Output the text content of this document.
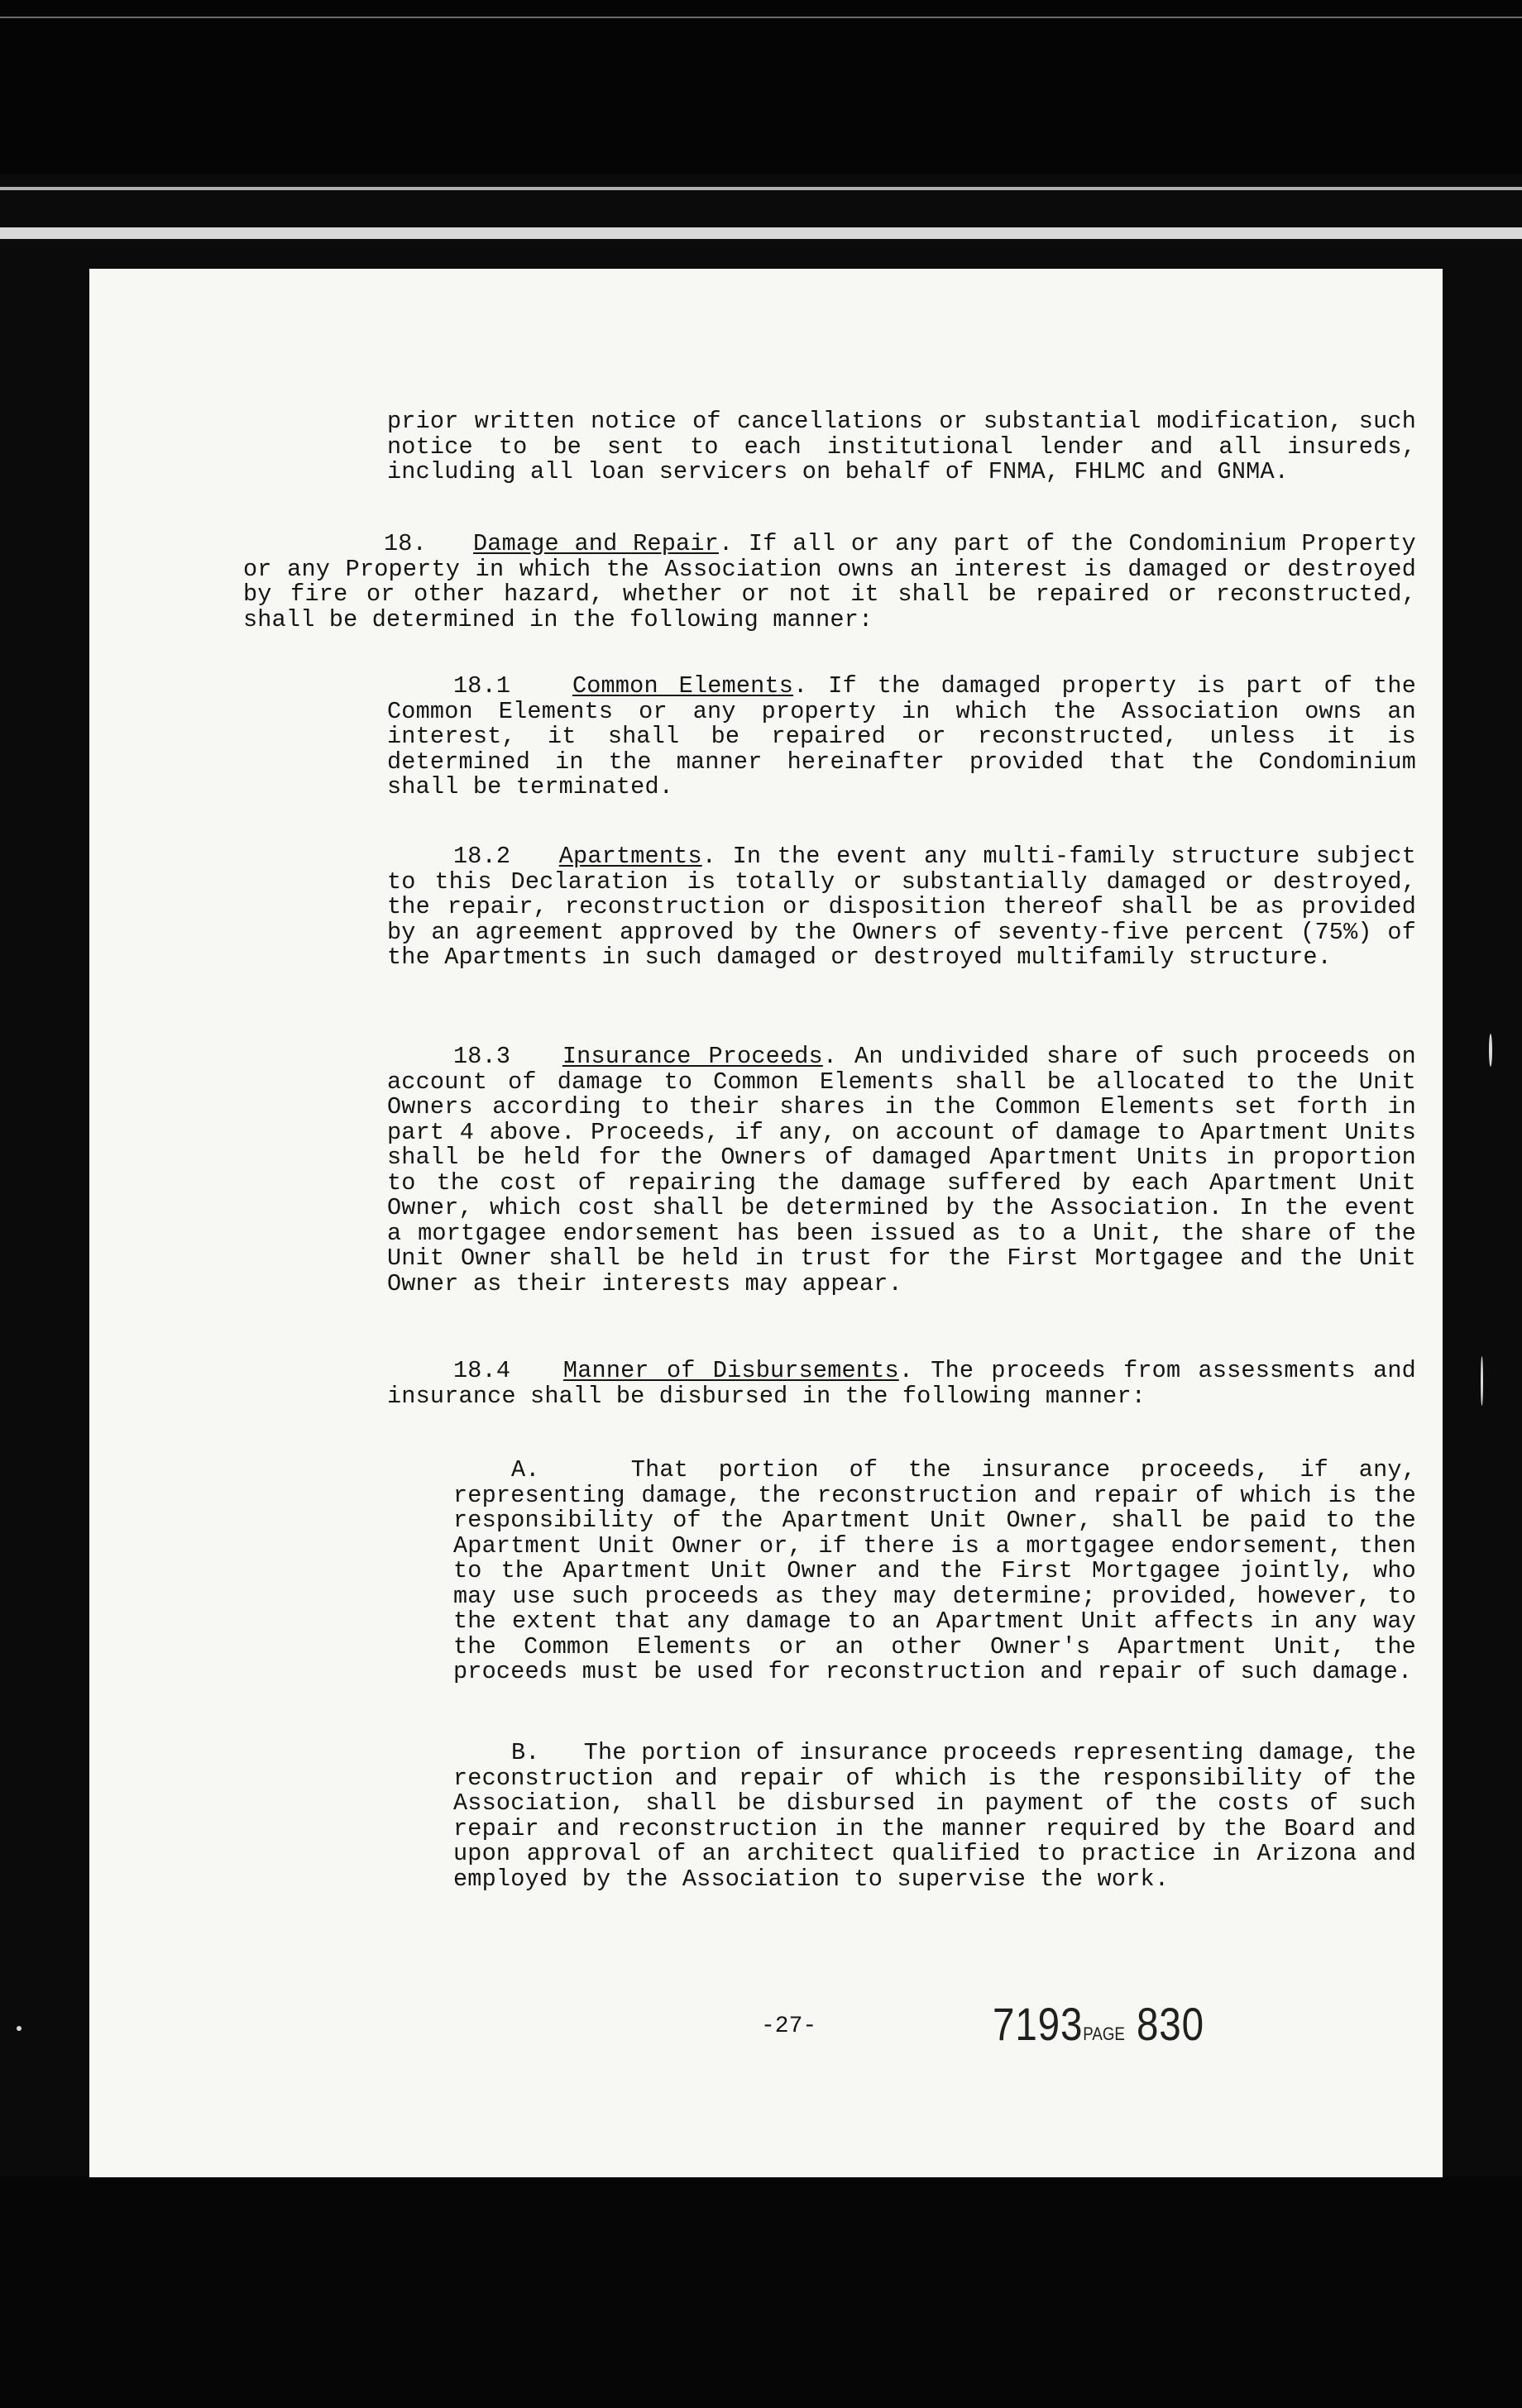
prior written notice of cancellations or substantial modification, such notice to be sent to each institutional lender and all insureds, including all loan servicers on behalf of FNMA, FHLMC and GNMA.

18. Damage and Repair. If all or any part of the Condominium Property or any Property in which the Association owns an interest is damaged or destroyed by fire or other hazard, whether or not it shall be repaired or reconstructed, shall be determined in the following manner:

18.1	Common Elements. If the damaged property is part of the Common Elements or any property in which the Association owns an interest, it shall be repaired or reconstructed, unless it is determined in the manner hereinafter provided that the Condominium shall be terminated.

18.2 Apartments. In the event any multi-family structure subject to this Declaration is totally or substantially damaged or destroyed, the repair, reconstruction or disposition thereof shall be as provided by an agreement approved by the Owners of seventy-five percent (75%) of the Apartments in such damaged or destroyed multifamily structure.

18.3 Insurance Proceeds. An undivided share of such proceeds on account of damage to Common Elements shall be allocated to the Unit Owners according to their shares in the Common Elements set forth in part 4 above. Proceeds, if any, on account of damage to Apartment Units shall be held for the Owners of damaged Apartment Units in proportion to the cost of repairing the damage suffered by each Apartment Unit Owner, which cost shall be determined by the Association. In the event a mortgagee endorsement has been issued as to a Unit, the share of the Unit Owner shall be held in trust for the First Mortgagee and the Unit Owner as their interests may appear.

18.4 Manner of Disbursements. The proceeds from assessments and insurance shall be disbursed in the following manner:

A.	That portion of the insurance proceeds, if any, representing damage, the reconstruction and repair of which is the responsibility of the Apartment Unit Owner, shall be paid to the Apartment Unit Owner or, if there is a mortgagee endorsement, then to the Apartment Unit Owner and the First Mortgagee jointly, who may use such proceeds as they may determine; provided, however, to the extent that any damage to an Apartment Unit affects in any way the Common Elements or an other Owner's Apartment Unit, the proceeds must be used for reconstruction and repair of such damage.

B. The portion of insurance proceeds representing damage, the reconstruction and repair of which is the responsibility of the Association, shall be disbursed in payment of the costs of such repair and reconstruction in the manner required by the Board and upon approval of an architect qualified to practice in Arizona and employed by the Association to supervise the work.

-27-	7193PAGE 830
